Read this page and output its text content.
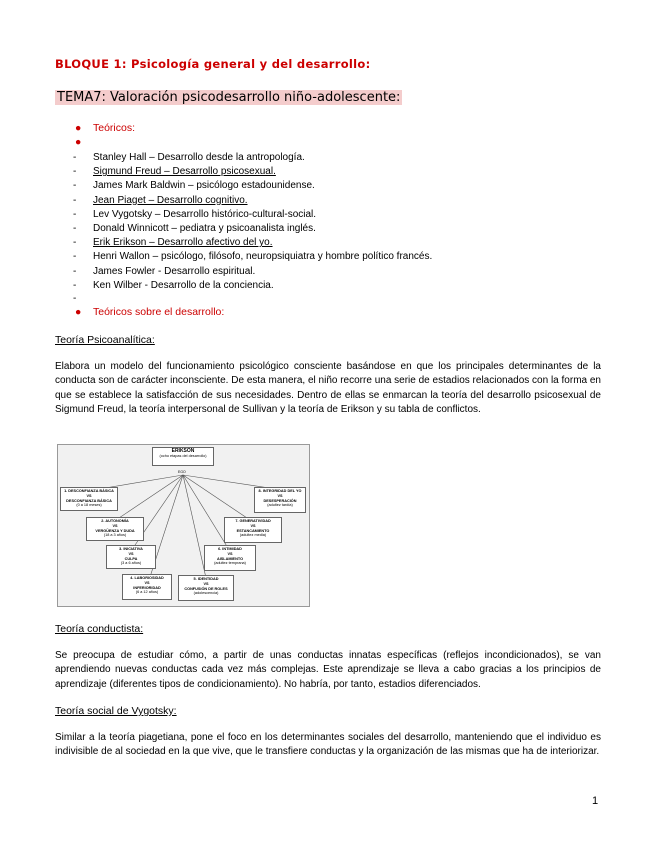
BLOQUE 1: Psicología general y del desarrollo:
TEMA7: Valoración psicodesarrollo niño-adolescente:
● Teóricos:
●
- Stanley Hall – Desarrollo desde la antropología.
- Sigmund Freud – Desarrollo psicosexual.
- James Mark Baldwin – psicólogo estadounidense.
- Jean Piaget – Desarrollo cognitivo.
- Lev Vygotsky – Desarrollo histórico-cultural-social.
- Donald Winnicott – pediatra y psicoanalista inglés.
- Erik Erikson – Desarrollo afectivo del yo.
- Henri Wallon – psicólogo, filósofo, neuropsiquiatra y hombre político francés.
- James Fowler - Desarrollo espiritual.
- Ken Wilber - Desarrollo de la conciencia.
-
● Teóricos sobre el desarrollo:
Teoría Psicoanalítica:

Elabora un modelo del funcionamiento psicológico consciente basándose en que los principales determinantes de la conducta son de carácter inconsciente. De esta manera, el niño recorre una serie de estadios relacionados con la forma en que se establece la satisfacción de sus necesidades. Dentro de ellas se enmarcan la teoría del desarrollo psicosexual de Sigmund Freud, la teoría interpersonal de Sullivan y la teoría de Erikson y su tabla de conflictos.

ERIKSON
(ocho etapas del desarrollo)
EGO
1. DESCONFIANZA BÁSICA
VS
DESCONFIANZA BÁSICA
(0 a 18 meses)
2. AUTONOMÍA
VS
VERGÜENZA Y DUDA
(18 a 3 años)
3. INICIATIVA
VS
CULPA
(3 a 6 años)
4. LABORIOSIDAD
VS
INFERIORIDAD
(6 a 12 años)
5. IDENTIDAD
VS
CONFUSIÓN DE ROLES
(adolescencia)
6. INTIMIDAD
VS
AISLAMIENTO
(adultez temprana)
7. GENERATIVIDAD
VS
ESTANCAMIENTO
(adultez media)
8. INTEGRIDAD DEL YO
VS
DESESPERACIÓN
(adultez tardía)
Teoría conductista:

Se preocupa de estudiar cómo, a partir de unas conductas innatas específicas (reflejos incondicionados), se van aprendiendo nuevas conductas cada vez más complejas. Este aprendizaje se lleva a cabo gracias a los principios de aprendizaje (diferentes tipos de condicionamiento). No habría, por tanto, estadios diferenciados.

Teoría social de Vygotsky:

Similar a la teoría piagetiana, pone el foco en los determinantes sociales del desarrollo, manteniendo que el individuo es indivisible de al sociedad en la que vive, que le transfiere conductas y la organización de las mismas que ha de interiorizar.

1
